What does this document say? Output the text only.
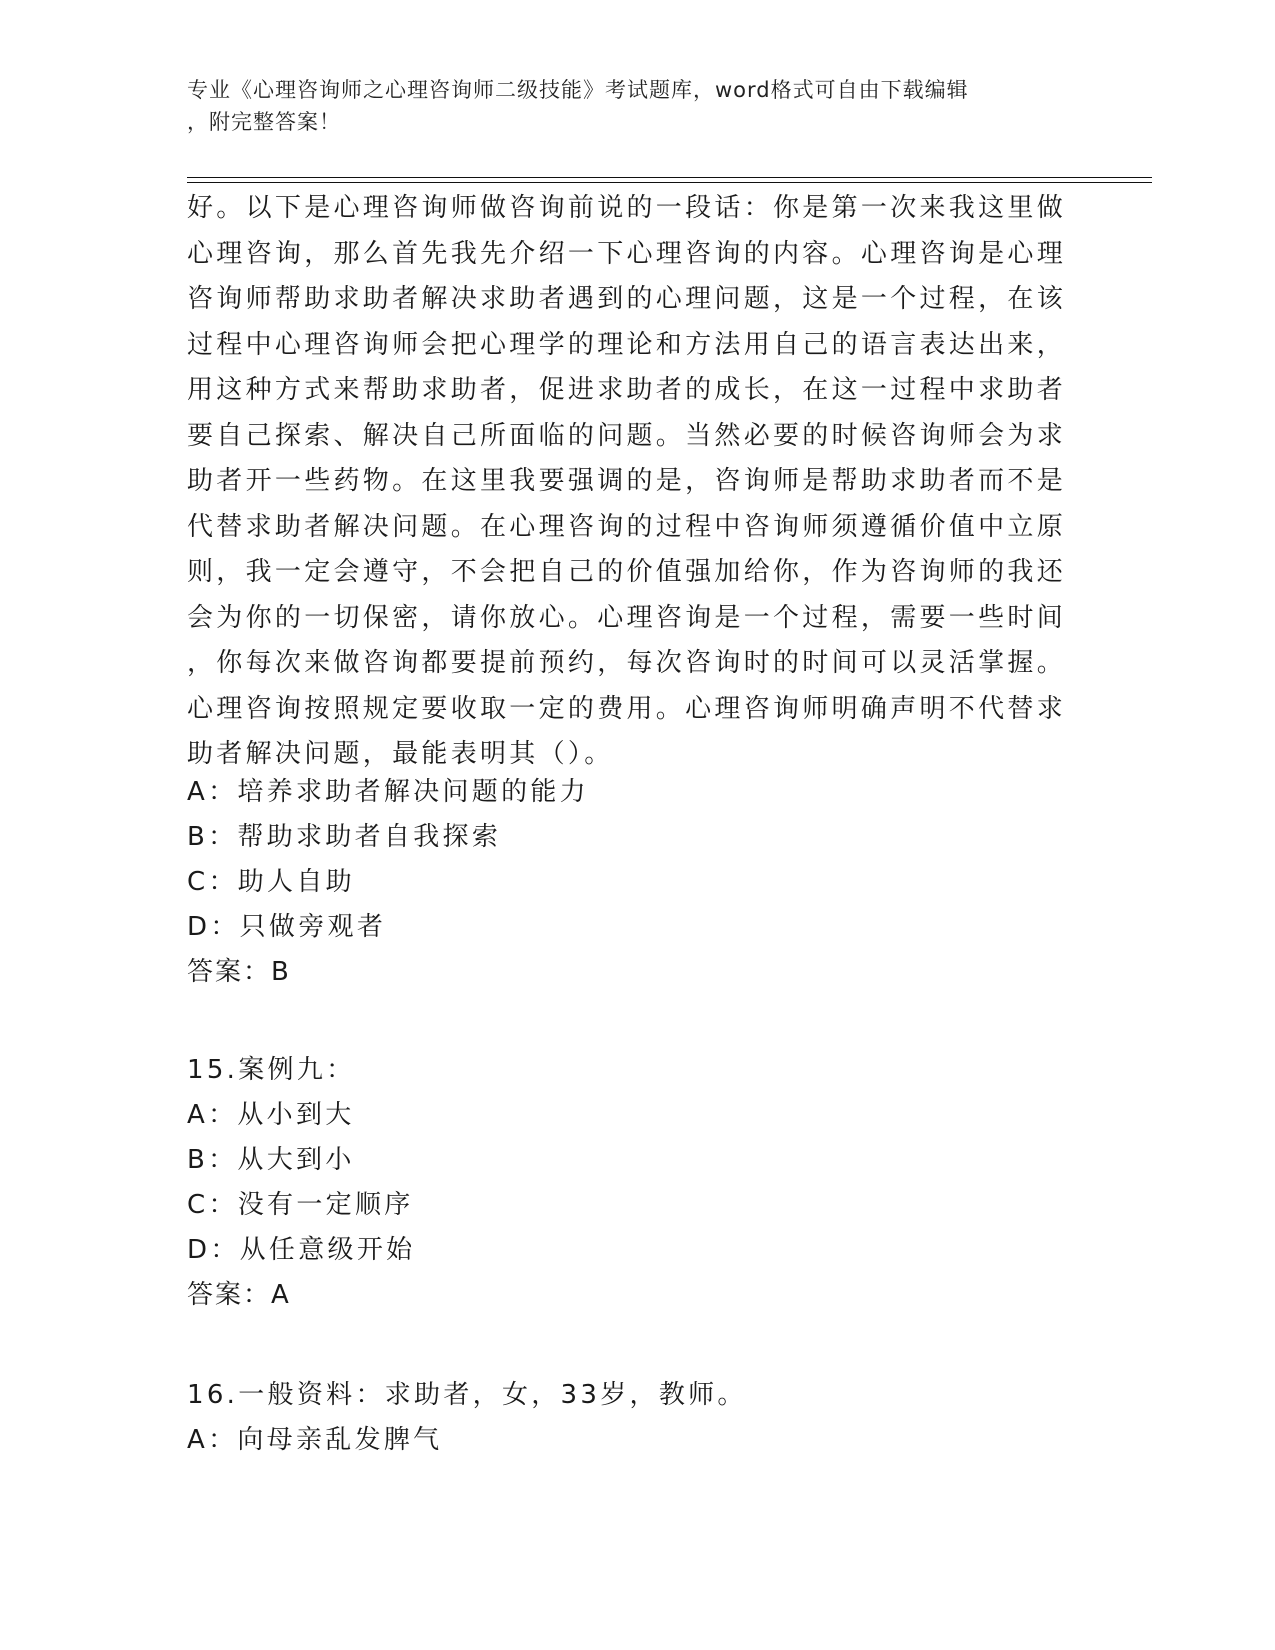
专业《心理咨询师之心理咨询师二级技能》考试题库，word格式可自由下载编辑
，附完整答案！
好。以下是心理咨询师做咨询前说的一段话：你是第一次来我这里做
心理咨询，那么首先我先介绍一下心理咨询的内容。心理咨询是心理
咨询师帮助求助者解决求助者遇到的心理问题，这是一个过程，在该
过程中心理咨询师会把心理学的理论和方法用自己的语言表达出来，
用这种方式来帮助求助者，促进求助者的成长，在这一过程中求助者
要自己探索、解决自己所面临的问题。当然必要的时候咨询师会为求
助者开一些药物。在这里我要强调的是，咨询师是帮助求助者而不是
代替求助者解决问题。在心理咨询的过程中咨询师须遵循价值中立原
则，我一定会遵守，不会把自己的价值强加给你，作为咨询师的我还
会为你的一切保密，请你放心。心理咨询是一个过程，需要一些时间
，你每次来做咨询都要提前预约，每次咨询时的时间可以灵活掌握。
心理咨询按照规定要收取一定的费用。心理咨询师明确声明不代替求
助者解决问题，最能表明其（）。
A：培养求助者解决问题的能力
B：帮助求助者自我探索
C：助人自助
D：只做旁观者
答案：B
15.案例九：
A：从小到大
B：从大到小
C：没有一定顺序
D：从任意级开始
答案：A
16.一般资料：求助者，女，33岁，教师。
A：向母亲乱发脾气
